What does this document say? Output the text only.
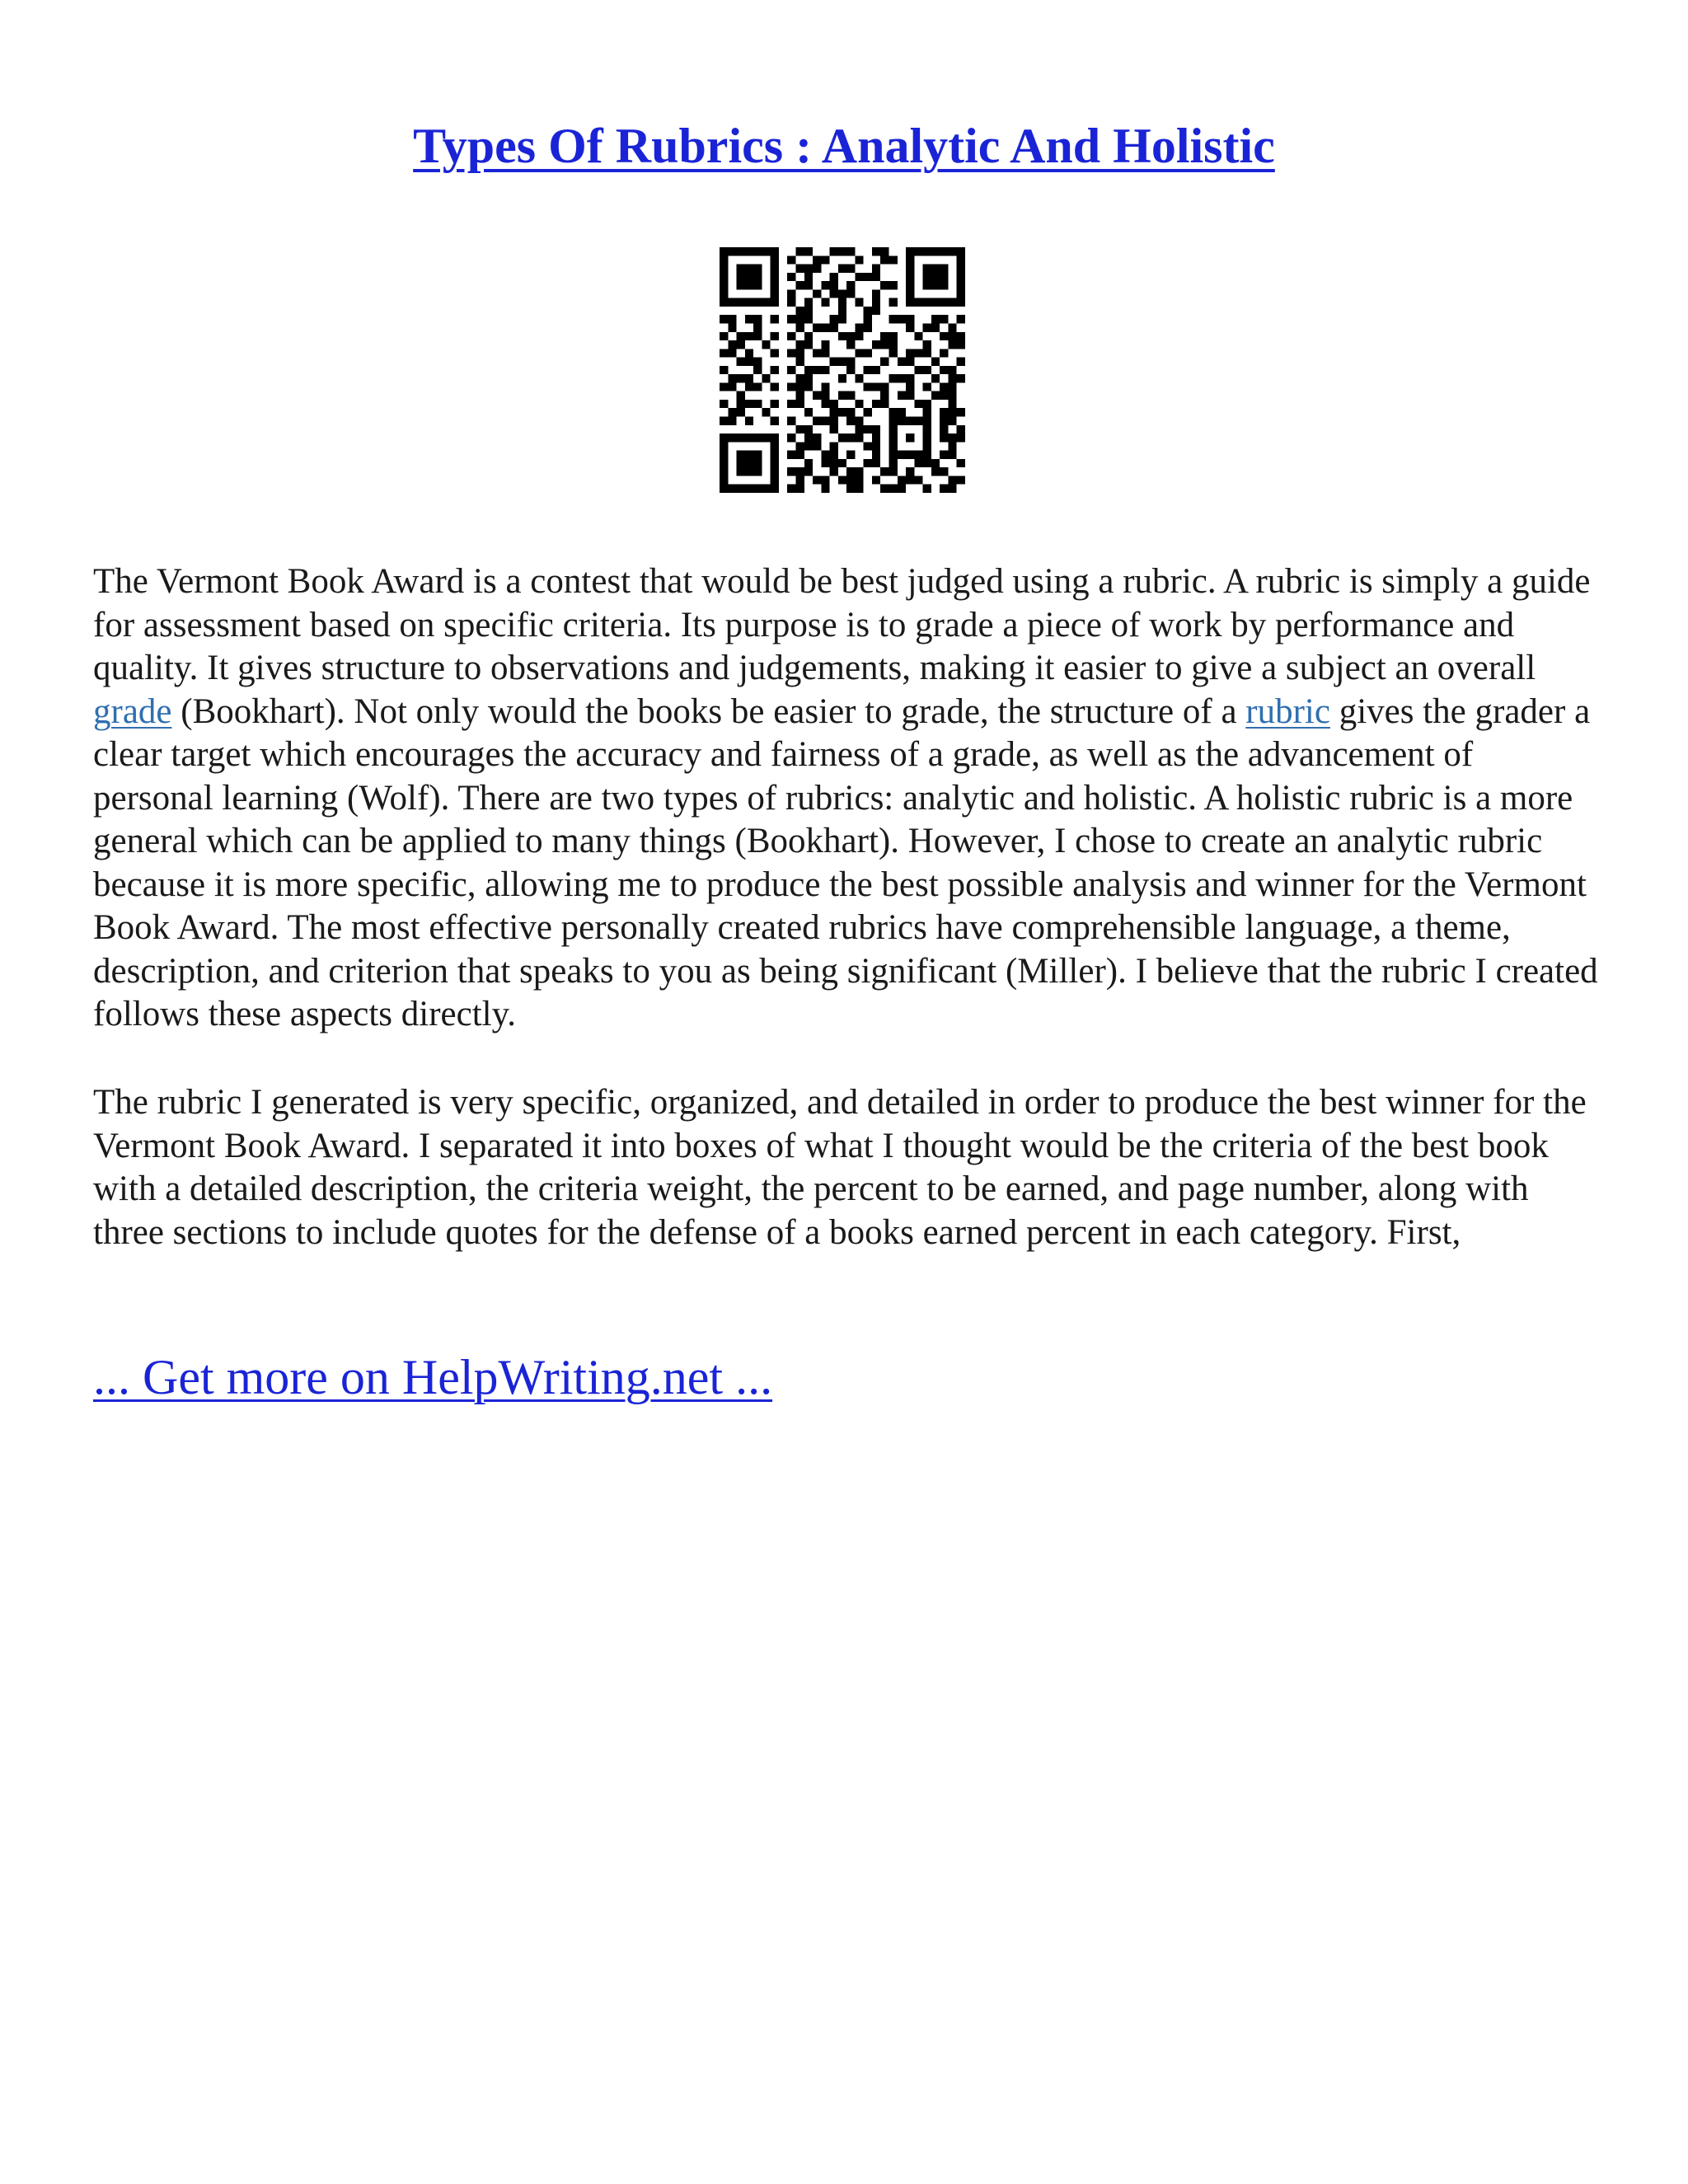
Types Of Rubrics : Analytic And Holistic

The Vermont Book Award is a contest that would be best judged using a rubric. A rubric is simply a guide for assessment based on specific criteria. Its purpose is to grade a piece of work by performance and quality. It gives structure to observations and judgements, making it easier to give a subject an overall grade (Bookhart). Not only would the books be easier to grade, the structure of a rubric gives the grader a clear target which encourages the accuracy and fairness of a grade, as well as the advancement of personal learning (Wolf). There are two types of rubrics: analytic and holistic. A holistic rubric is a more general which can be applied to many things (Bookhart). However, I chose to create an analytic rubric because it is more specific, allowing me to produce the best possible analysis and winner for the Vermont Book Award. The most effective personally created rubrics have comprehensible language, a theme, description, and criterion that speaks to you as being significant (Miller). I believe that the rubric I created follows these aspects directly.

The rubric I generated is very specific, organized, and detailed in order to produce the best winner for the Vermont Book Award. I separated it into boxes of what I thought would be the criteria of the best book with a detailed description, the criteria weight, the percent to be earned, and page number, along with three sections to include quotes for the defense of a books earned percent in each category. First,

... Get more on HelpWriting.net ...
